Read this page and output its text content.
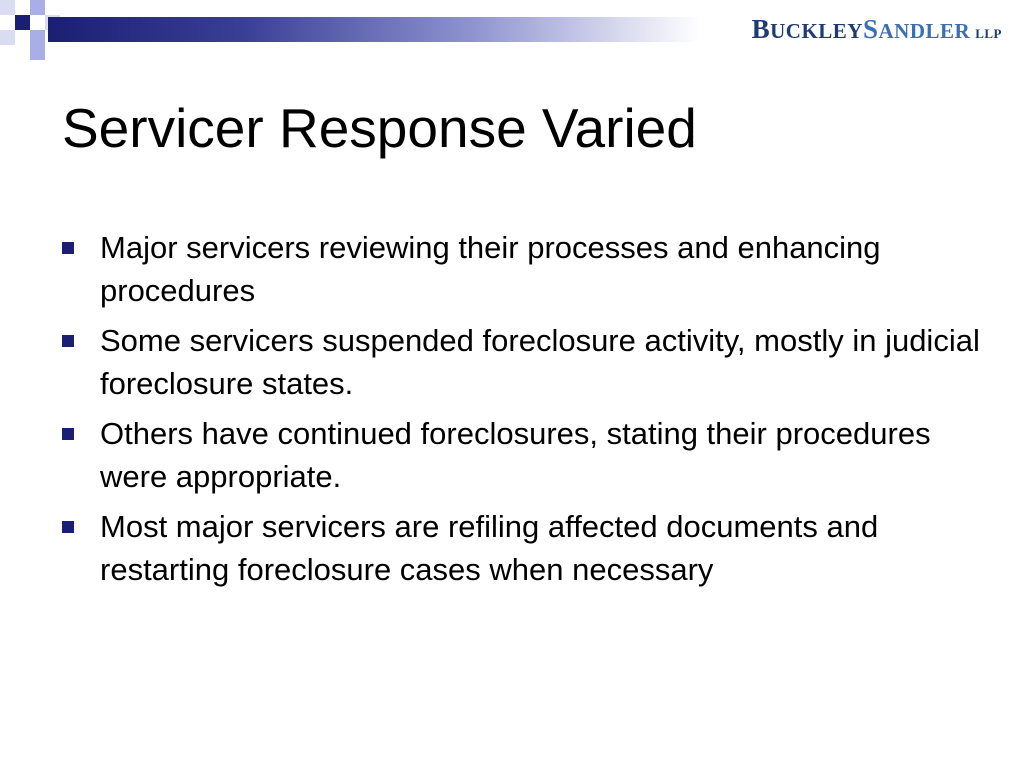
B UCKLEY S ANDLER LLP
Servicer Response Varied
Major servicers reviewing their processes and enhancing procedures
Some servicers suspended foreclosure activity, mostly in judicial foreclosure states.
Others have continued foreclosures, stating their procedures were appropriate.
Most major servicers are refiling affected documents and restarting foreclosure cases when necessary
